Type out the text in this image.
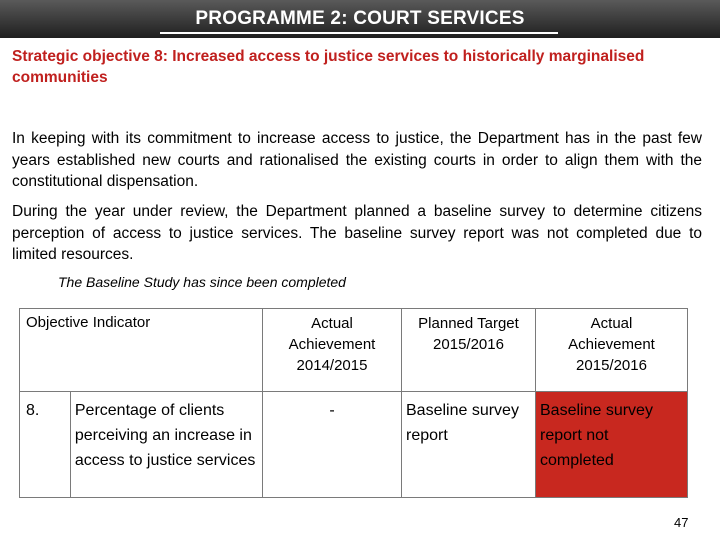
PROGRAMME 2: COURT SERVICES
Strategic objective 8: Increased access to justice services to historically marginalised communities
In keeping with its commitment to increase access to justice, the Department has in the past few years established new courts and rationalised the existing courts in order to align them with the constitutional dispensation.
During the year under review, the Department planned a baseline survey to determine citizens perception of access to justice services. The baseline survey report was not completed due to limited resources.
The Baseline Study has since been completed
Objective Indicator		Actual Achievement 2014/2015	Planned Target 2015/2016	Actual Achievement 2015/2016
8.	Percentage of clients perceiving an increase in access to justice services	-	Baseline survey report	Baseline survey report not completed
47
